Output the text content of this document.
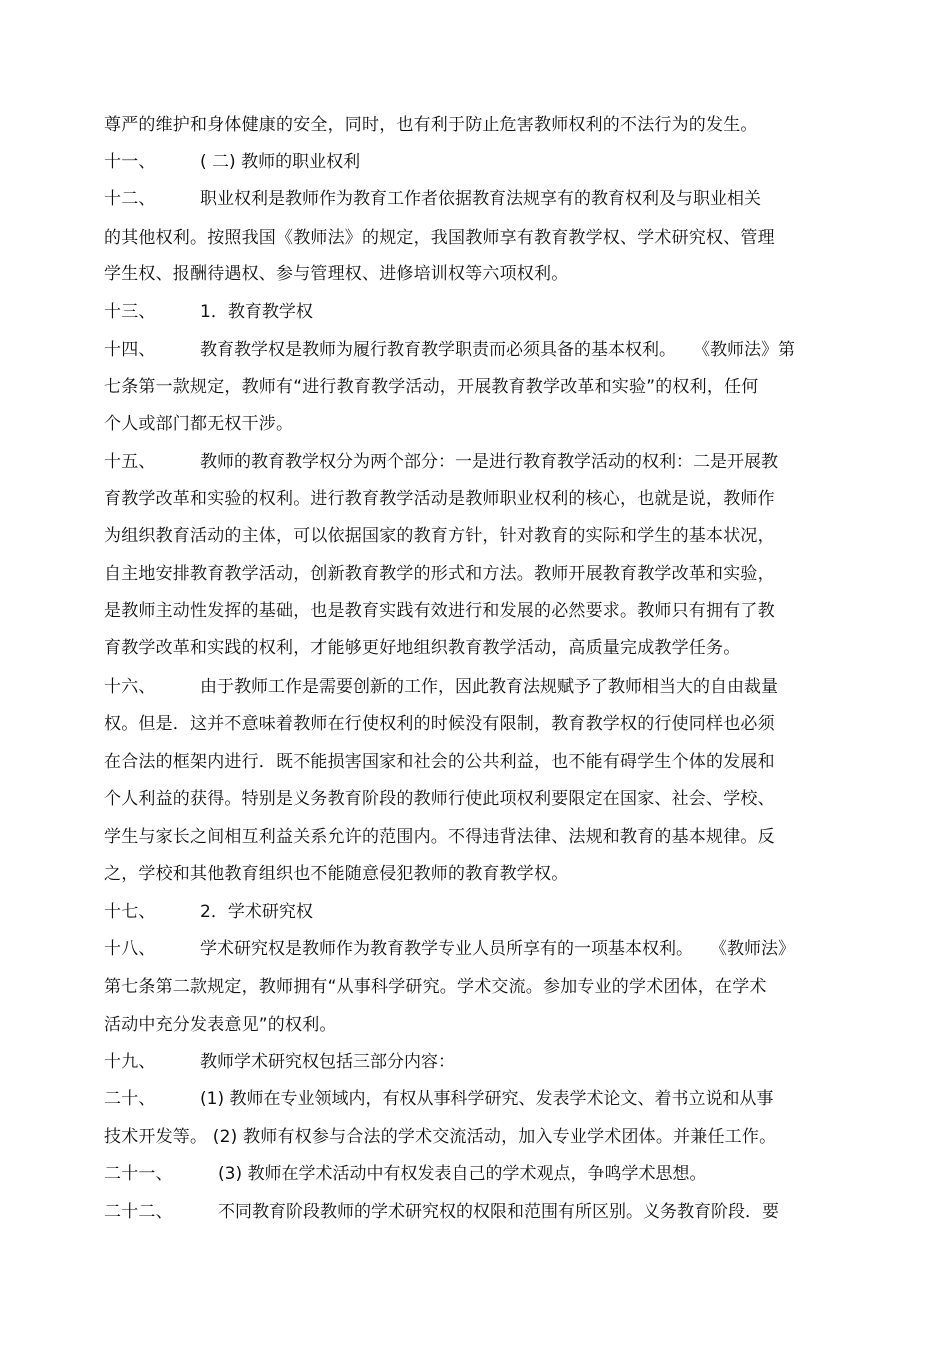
尊严的维护和身体健康的安全，同时，也有利于防止危害教师权利的不法行为的发生。
十一、	( 二) 教师的职业权利
十二、	职业权利是教师作为教育工作者依据教育法规享有的教育权利及与职业相关
的其他权利。按照我国《教师法》的规定，我国教师享有教育教学权、学术研究权、管理
学生权、报酬待遇权、参与管理权、进修培训权等六项权利。
十三、	1．教育教学权
十四、	教育教学权是教师为履行教育教学职责而必须具备的基本权利。　　《教师法》第
七条第一款规定，教师有“进行教育教学活动，开展教育教学改革和实验”的权利，任何
个人或部门都无权干涉。
十五、	教师的教育教学权分为两个部分：一是进行教育教学活动的权利：二是开展教
育教学改革和实验的权利。进行教育教学活动是教师职业权利的核心，也就是说，教师作
为组织教育活动的主体，可以依据国家的教育方针，针对教育的实际和学生的基本状况，
自主地安排教育教学活动，创新教育教学的形式和方法。教师开展教育教学改革和实验，
是教师主动性发挥的基础，也是教育实践有效进行和发展的必然要求。教师只有拥有了教
育教学改革和实践的权利，才能够更好地组织教育教学活动，高质量完成教学任务。
十六、	由于教师工作是需要创新的工作，因此教育法规赋予了教师相当大的自由裁量
权。但是．这并不意味着教师在行使权利的时候没有限制，教育教学权的行使同样也必须
在合法的框架内进行．既不能损害国家和社会的公共利益，也不能有碍学生个体的发展和
个人利益的获得。特别是义务教育阶段的教师行使此项权利要限定在国家、社会、学校、
学生与家长之间相互利益关系允许的范围内。不得违背法律、法规和教育的基本规律。反
之，学校和其他教育组织也不能随意侵犯教师的教育教学权。
十七、	2．学术研究权
十八、	学术研究权是教师作为教育教学专业人员所享有的一项基本权利。　　《教师法》
第七条第二款规定，教师拥有“从事科学研究。学术交流。参加专业的学术团体，在学术
活动中充分发表意见”的权利。
十九、	教师学术研究权包括三部分内容：
二十、	(1) 教师在专业领域内，有权从事科学研究、发表学术论文、着书立说和从事
技术开发等。 (2) 教师有权参与合法的学术交流活动，加入专业学术团体。并兼任工作。
二十一、	(3) 教师在学术活动中有权发表自己的学术观点，争鸣学术思想。
二十二、	不同教育阶段教师的学术研究权的权限和范围有所区别。义务教育阶段．要
